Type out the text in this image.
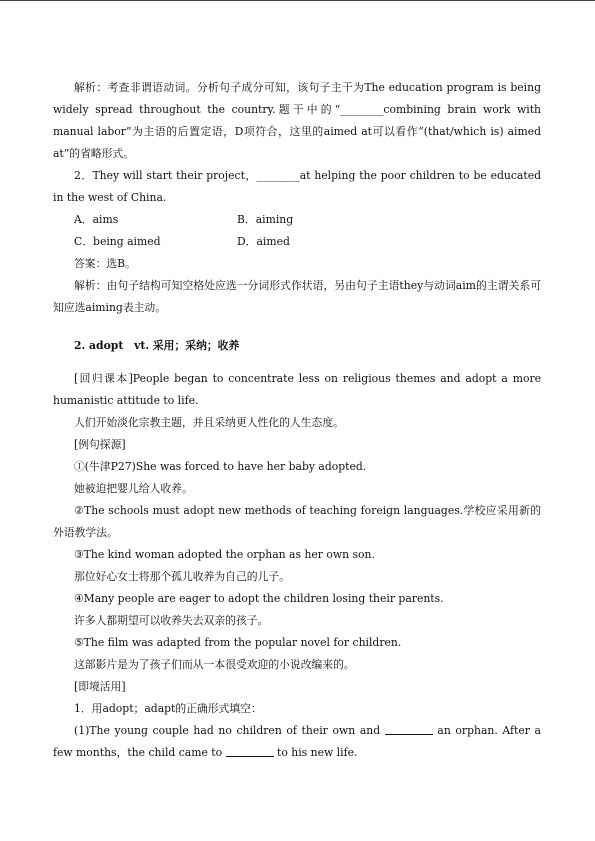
解析：考查非谓语动词。分析句子成分可知，该句子主干为The education program is being widely spread throughout the country.题干中的“________combining brain work with manual labor”为主语的后置定语，D项符合，这里的aimed at可以看作“(that/which is) aimed at”的省略形式。

2．They will start their project，________at helping the poor children to be educated in the west of China.

A．aims	B．aiming
C．being aimed	D．aimed

答案：选B。

解析：由句子结构可知空格处应选一分词形式作状语，另由句子主语they与动词aim的主谓关系可知应选aiming表主动。

2. adopt　vt. 采用；采纳；收养

[回归课本]People began to concentrate less on religious themes and adopt a more humanistic attitude to life.

人们开始淡化宗教主题，并且采纳更人性化的人生态度。

[例句探源]

①(牛津P27)She was forced to have her baby adopted.

她被迫把婴儿给人收养。

②The schools must adopt new methods of teaching foreign languages.学校应采用新的外语教学法。

③The kind woman adopted the orphan as her own son.

那位好心女士将那个孤儿收养为自己的儿子。

④Many people are eager to adopt the children losing their parents.

许多人都期望可以收养失去双亲的孩子。

⑤The film was adapted from the popular novel for children.

这部影片是为了孩子们而从一本很受欢迎的小说改编来的。

[即境活用]

1．用adopt；adapt的正确形式填空：

(1)The young couple had no children of their own and	an orphan. After a few months，the child came to	to his new life.
